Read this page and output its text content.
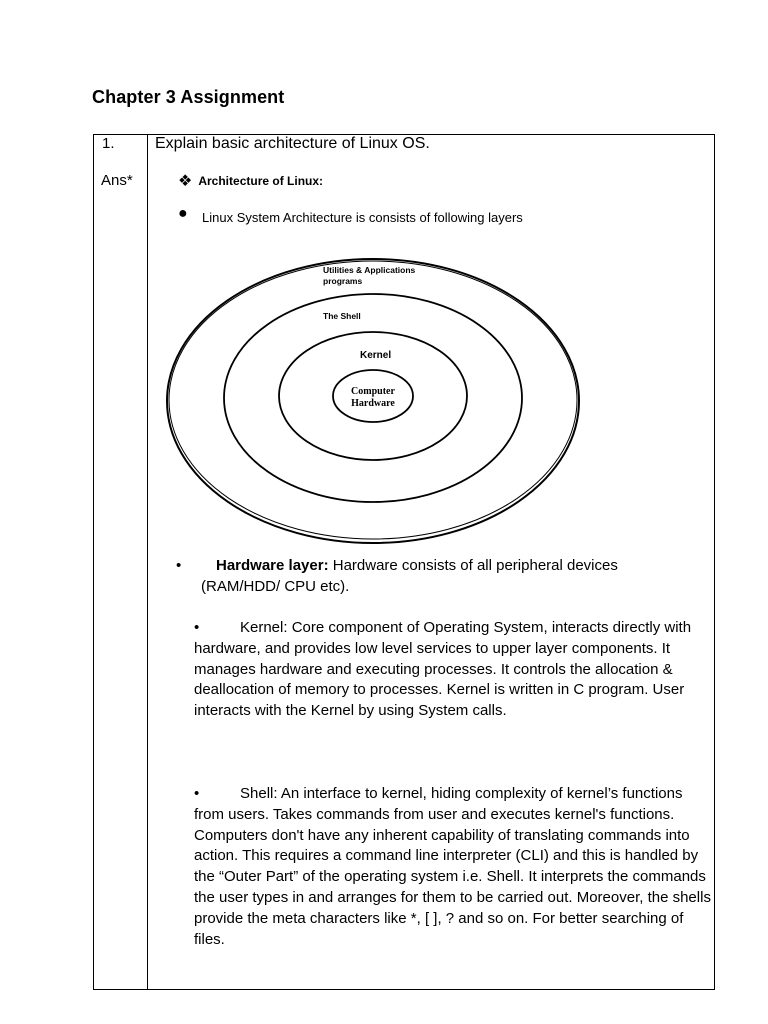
Chapter 3 Assignment
1.
Ans*
Explain basic architecture of Linux OS.
❖ Architecture of Linux:
● Linux System Architecture is consists of following layers
Utilities & Applications
programs
The Shell
Kernel
Computer
Hardware
• Hardware layer: Hardware consists of all peripheral devices
(RAM/HDD/ CPU etc).
•	Kernel: Core component of Operating System, interacts directly with hardware, and provides low level services to upper layer components. It manages hardware and executing processes. It controls the allocation & deallocation of memory to processes. Kernel is written in C program. User interacts with the Kernel by using System calls.
•	Shell: An interface to kernel, hiding complexity of kernel’s functions from users. Takes commands from user and executes kernel's functions. Computers don't have any inherent capability of translating commands into action. This requires a command line interpreter (CLI) and this is handled by the “Outer Part” of the operating system i.e. Shell. It interprets the commands the user types in and arranges for them to be carried out. Moreover, the shells provide the meta characters like *, [ ], ? and so on. For better searching of files.
